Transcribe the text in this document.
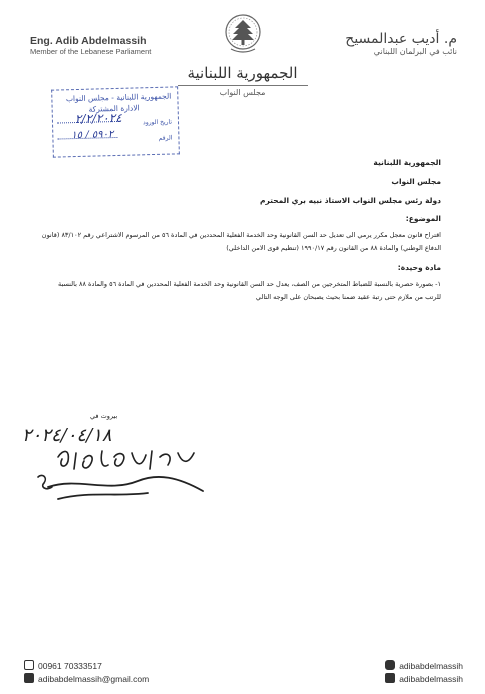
Eng. Adib Abdelmassih
Member of the Lebanese Parliament
م. أديب عبدالمسيح
نائب في البرلمان اللبناني
الجمهورية اللبنانية
مجلس النواب
الجمهورية اللبنانية - مجلس النواب
الادارة المشتركة
تاريخ الورود
الرقم
٢/٢/٢٠٢٤
٥٩٠٢ / ١٥
الجمهورية اللبنانية
مجلس النواب
دولة رئس مجلس النواب الاستاذ نبيه بري المحترم
الموضوع:
اقتراح قانون معجل مكرر يرمي الى تعديل حد السن القانونية وحد الخدمة الفعلية المحددين في المادة ٥٦ من المرسوم الاشتراعي رقم ٨٣/١٠٢ (قانون الدفاع الوطني) والمادة ٨٨ من القانون رقم ١٩٩٠/١٧ (تنظيم قوى الامن الداخلي)
مادة وحيدة:
١- بصورة حصرية بالنسبة للضباط المتخرجين من الصف، يعدل حد السن القانونية وحد الخدمة الفعلية المحددين في المادة ٥٦ والمادة ٨٨ بالنسبة للرتب من ملازم حتى رتبة عقيد ضمنا بحيث يصبحان على الوجه التالي
بيروت في
٢٠٢٤/٠٤/١٨
00961 70333517
adibabdelmassih@gmail.com
adibabdelmassih
adibabdelmassih
